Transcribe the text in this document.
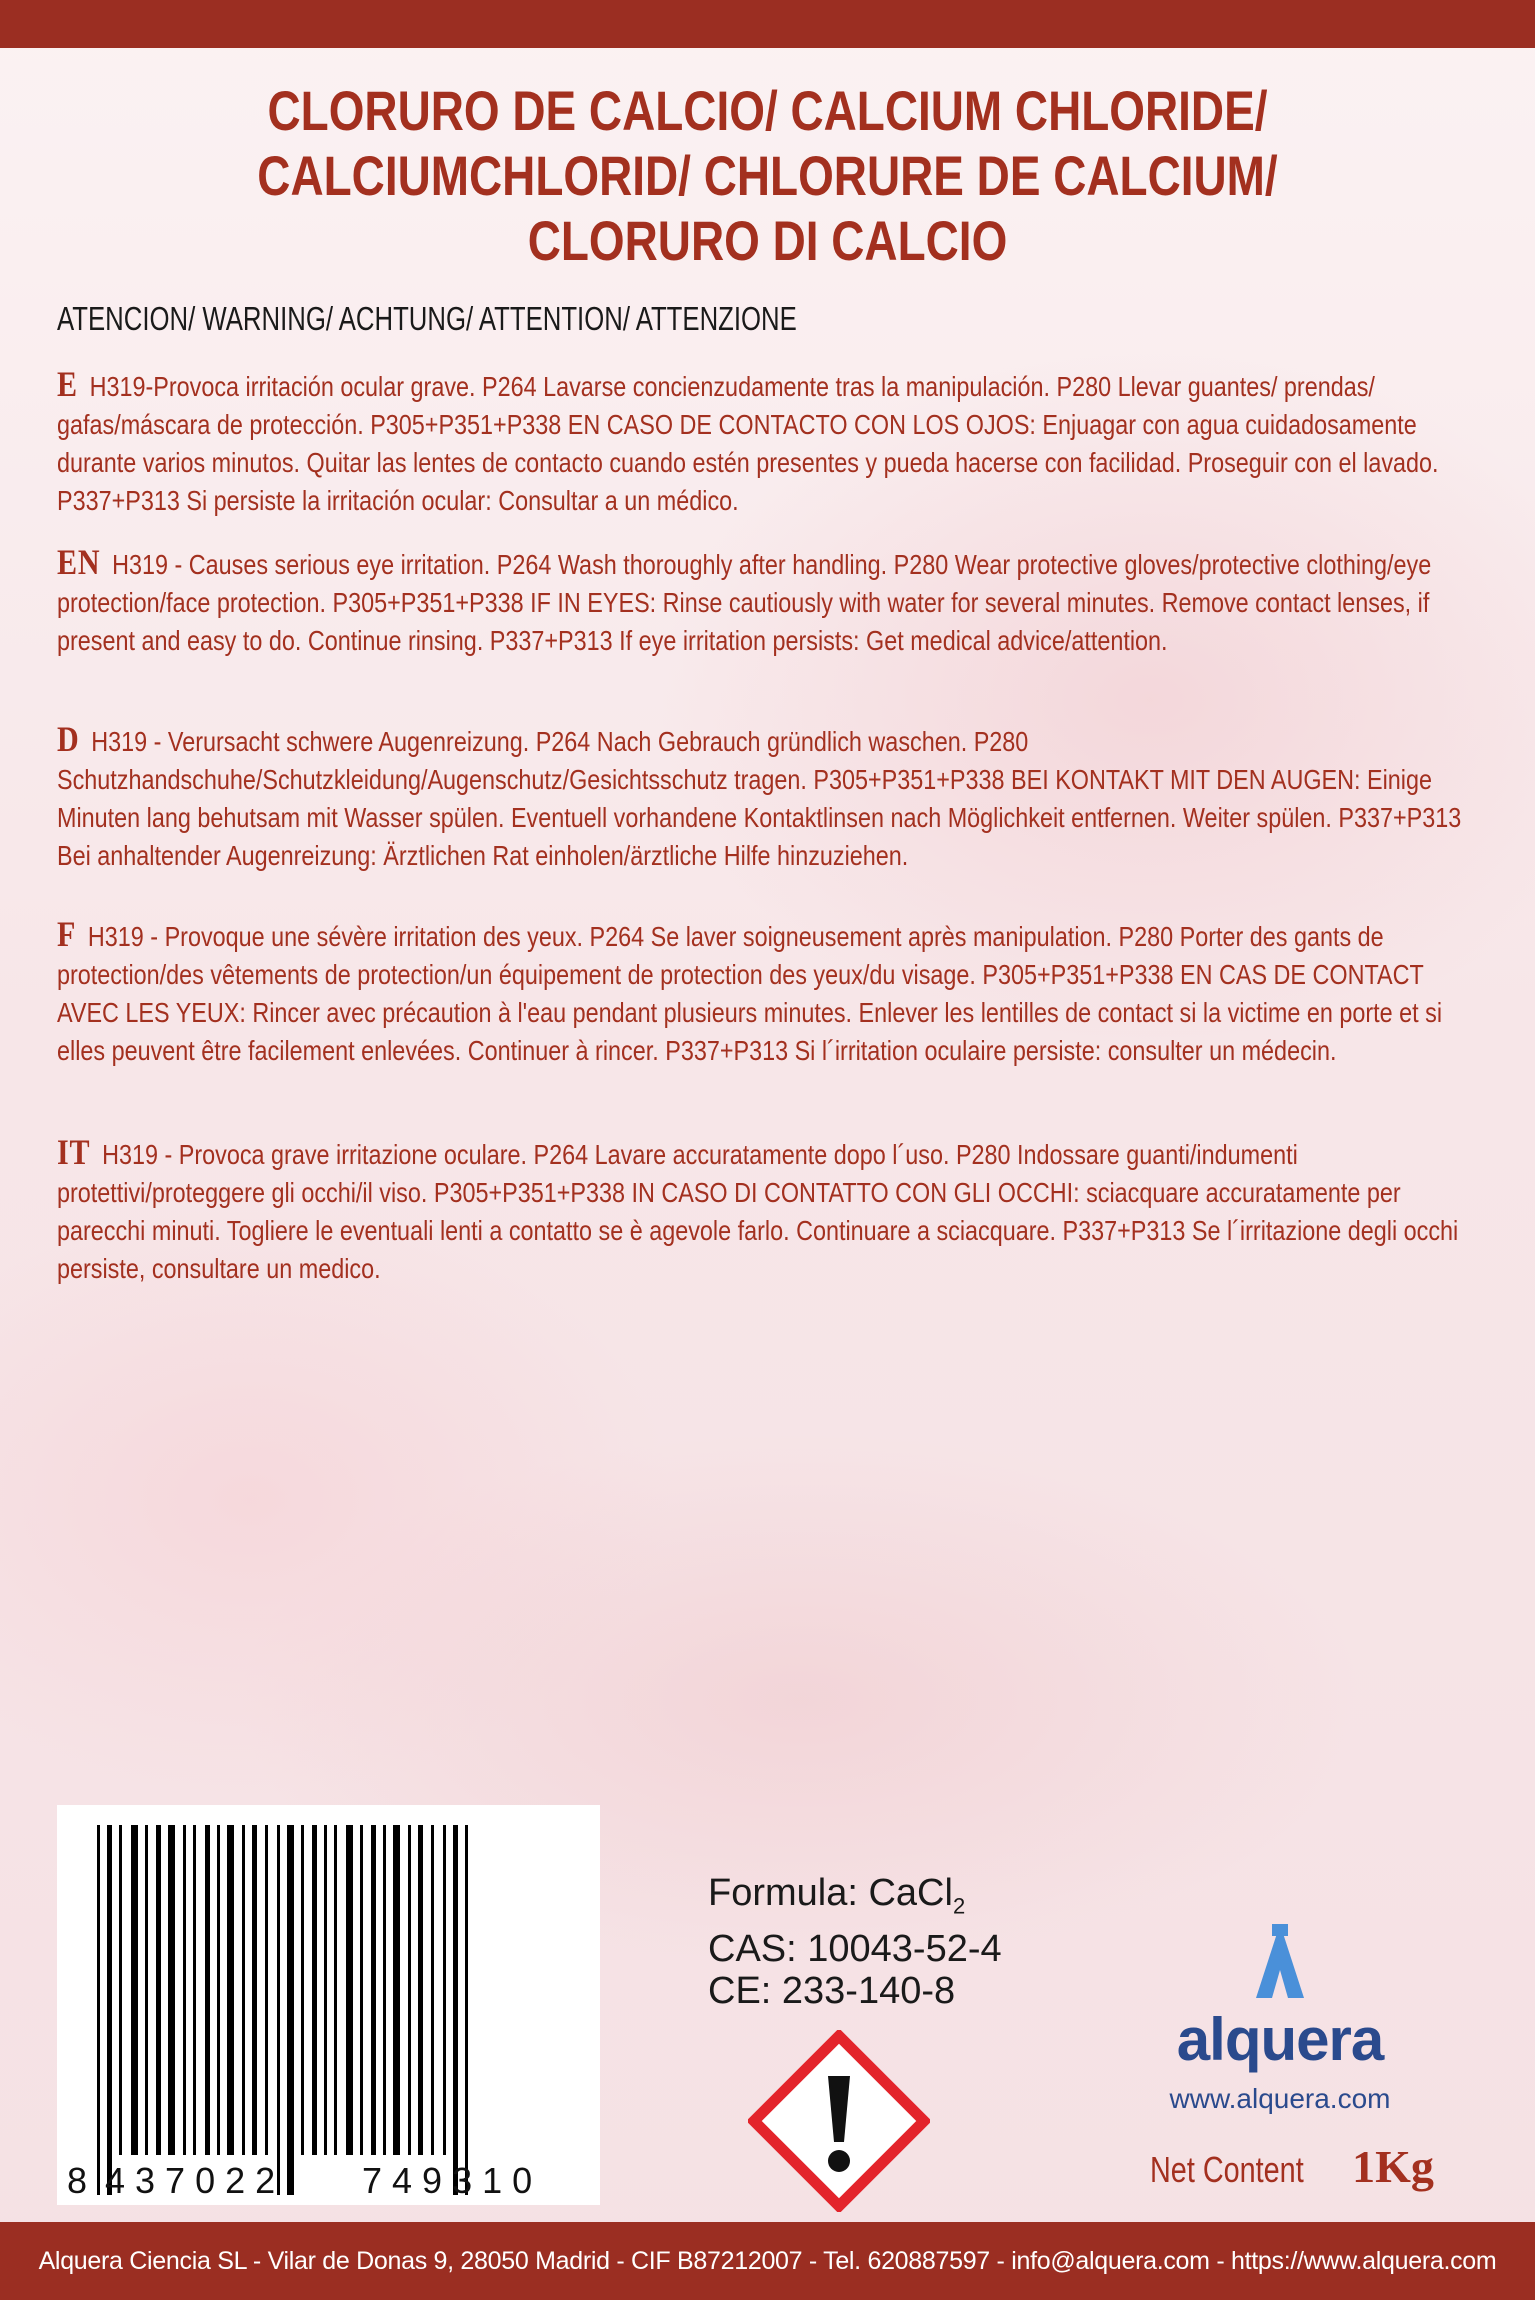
CLORURO DE CALCIO/ CALCIUM CHLORIDE/
CALCIUMCHLORID/ CHLORURE DE CALCIUM/
CLORURO DI CALCIO
ATENCION/ WARNING/ ACHTUNG/ ATTENTION/ ATTENZIONE
E H319-Provoca irritación ocular grave. P264 Lavarse concienzudamente tras la manipulación. P280 Llevar guantes/ prendas/ gafas/máscara de protección. P305+P351+P338 EN CASO DE CONTACTO CON LOS OJOS: Enjuagar con agua cuidadosamente durante varios minutos. Quitar las lentes de contacto cuando estén presentes y pueda hacerse con facilidad. Proseguir con el lavado. P337+P313 Si persiste la irritación ocular: Consultar a un médico.
EN H319 - Causes serious eye irritation. P264 Wash thoroughly after handling. P280 Wear protective gloves/protective clothing/eye protection/face protection. P305+P351+P338 IF IN EYES: Rinse cautiously with water for several minutes. Remove contact lenses, if present and easy to do. Continue rinsing. P337+P313 If eye irritation persists: Get medical advice/attention.
D H319 - Verursacht schwere Augenreizung. P264 Nach Gebrauch gründlich waschen. P280 Schutzhandschuhe/Schutzkleidung/Augenschutz/Gesichtsschutz tragen. P305+P351+P338 BEI KONTAKT MIT DEN AUGEN: Einige Minuten lang behutsam mit Wasser spülen. Eventuell vorhandene Kontaktlinsen nach Möglichkeit entfernen. Weiter spülen. P337+P313 Bei anhaltender Augenreizung: Ärztlichen Rat einholen/ärztliche Hilfe hinzuziehen.
F H319 - Provoque une sévère irritation des yeux. P264 Se laver soigneusement après manipulation. P280 Porter des gants de protection/des vêtements de protection/un équipement de protection des yeux/du visage. P305+P351+P338 EN CAS DE CONTACT AVEC LES YEUX: Rincer avec précaution à l'eau pendant plusieurs minutes. Enlever les lentilles de contact si la victime en porte et si elles peuvent être facilement enlevées. Continuer à rincer. P337+P313 Si l´irritation oculaire persiste: consulter un médecin.
IT H319 - Provoca grave irritazione oculare. P264 Lavare accuratamente dopo l´uso. P280 Indossare guanti/indumenti protettivi/proteggere gli occhi/il viso. P305+P351+P338 IN CASO DI CONTATTO CON GLI OCCHI: sciacquare accuratamente per parecchi minuti. Togliere le eventuali lenti a contatto se è agevole farlo. Continuare a sciacquare. P337+P313 Se l´irritazione degli occhi persiste, consultare un medico.
8 437022 749310
Formula: CaCl$_2$
CAS: 10043-52-4
CE: 233-140-8
alquera
www.alquera.com
Net Content 1Kg
Alquera Ciencia SL - Vilar de Donas 9, 28050 Madrid - CIF B87212007 - Tel. 620887597 - info@alquera.com - https://www.alquera.com
